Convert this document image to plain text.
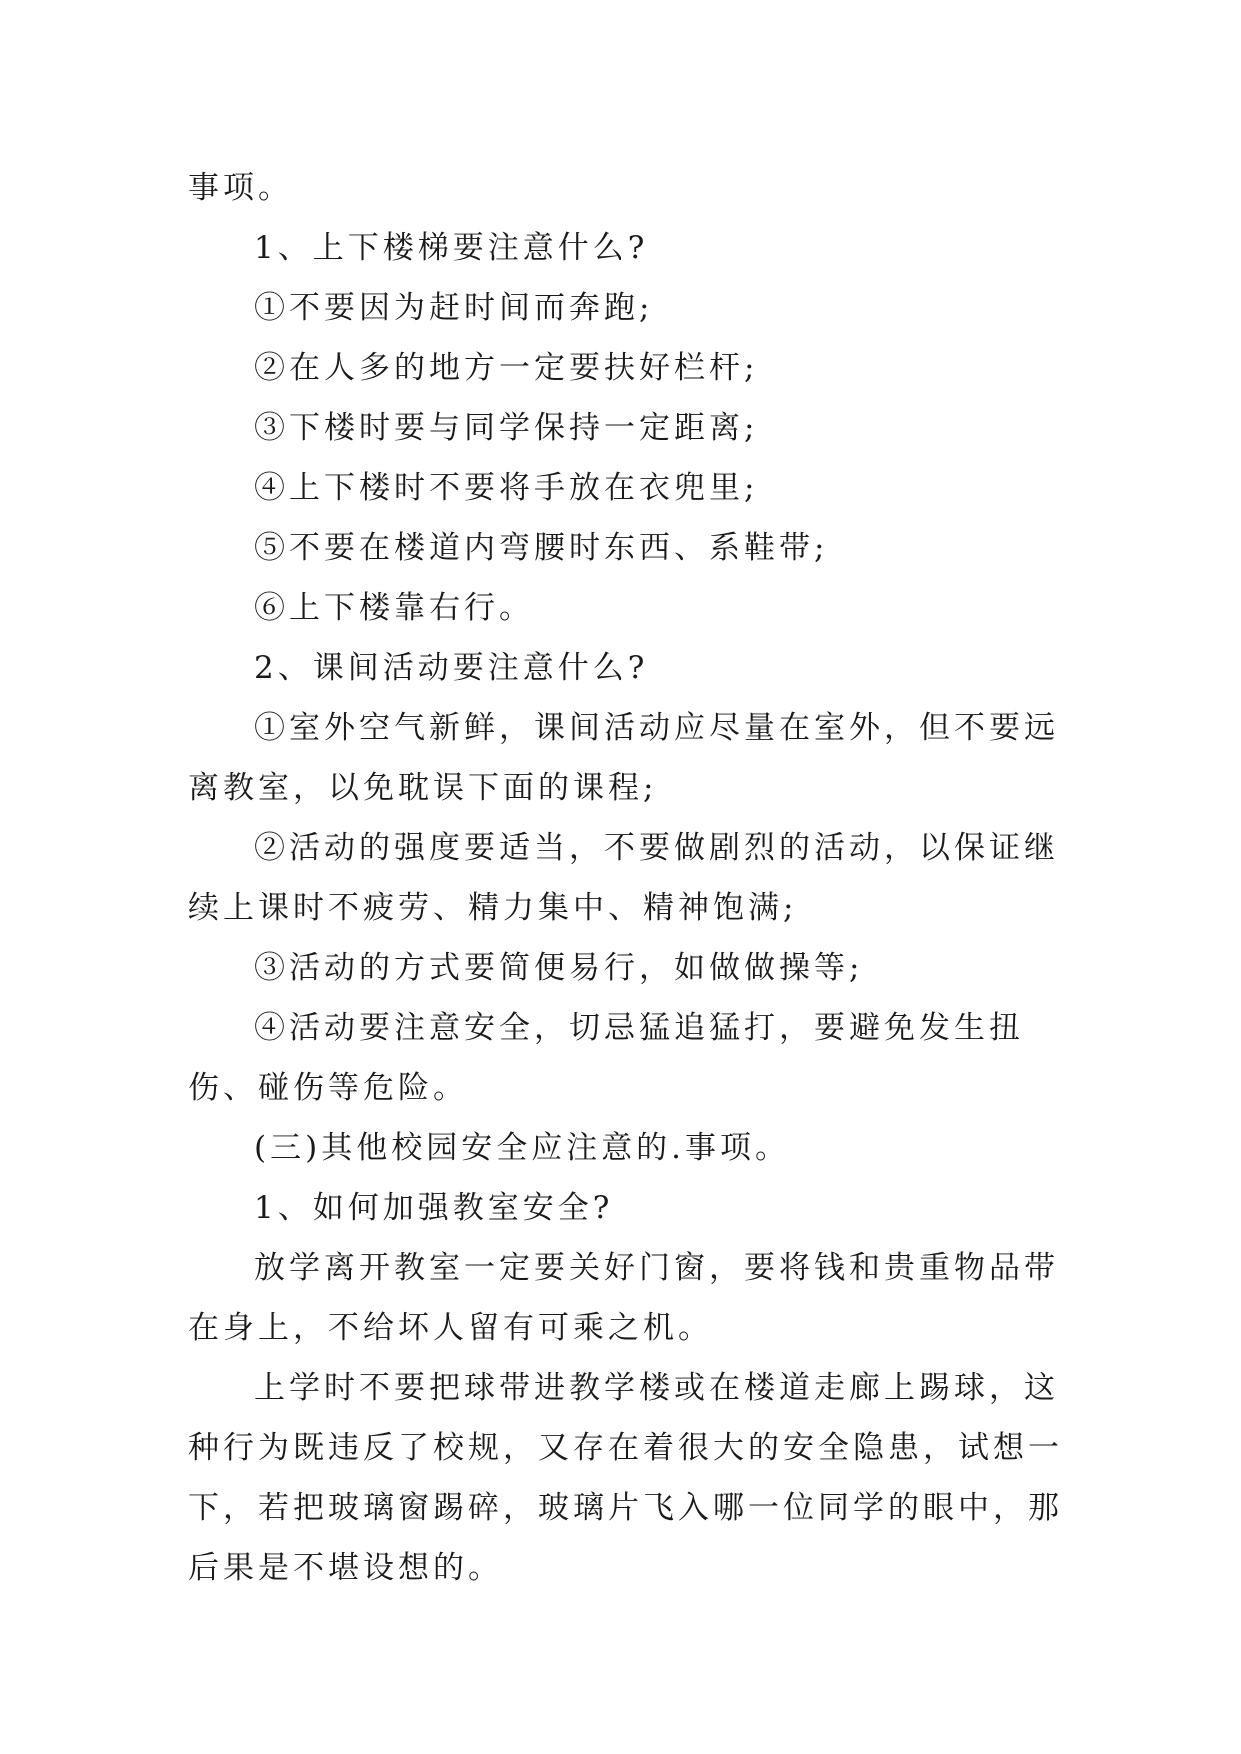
事项。

1、上下楼梯要注意什么?

①不要因为赶时间而奔跑;

②在人多的地方一定要扶好栏杆;

③下楼时要与同学保持一定距离;

④上下楼时不要将手放在衣兜里;

⑤不要在楼道内弯腰时东西、系鞋带;

⑥上下楼靠右行。

2、课间活动要注意什么?

①室外空气新鲜，课间活动应尽量在室外，但不要远离教室，以免耽误下面的课程;

②活动的强度要适当，不要做剧烈的活动，以保证继续上课时不疲劳、精力集中、精神饱满;

③活动的方式要简便易行，如做做操等;

④活动要注意安全，切忌猛追猛打，要避免发生扭伤、碰伤等危险。

(三)其他校园安全应注意的.事项。

1、如何加强教室安全?

放学离开教室一定要关好门窗，要将钱和贵重物品带在身上，不给坏人留有可乘之机。

上学时不要把球带进教学楼或在楼道走廊上踢球，这种行为既违反了校规，又存在着很大的安全隐患，试想一下，若把玻璃窗踢碎，玻璃片飞入哪一位同学的眼中，那后果是不堪设想的。
